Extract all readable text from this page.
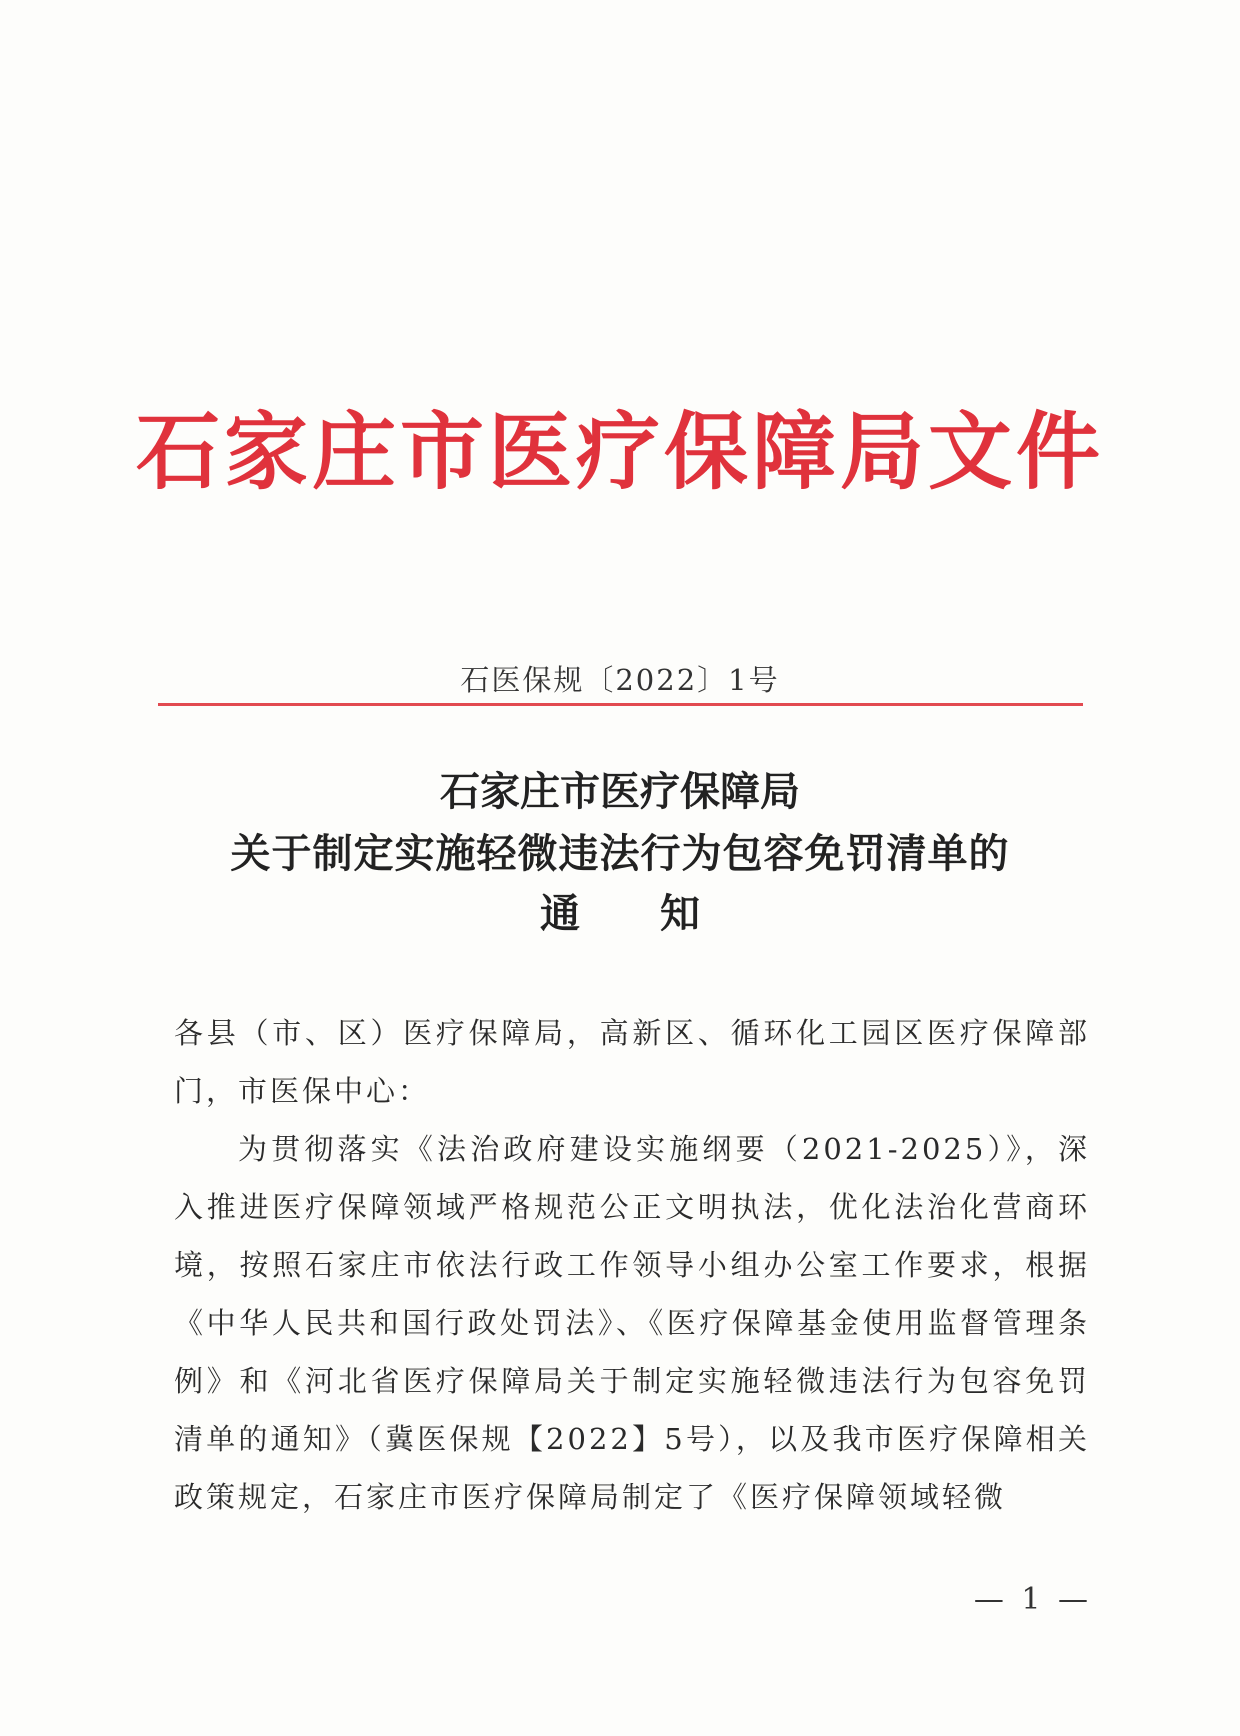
石家庄市医疗保障局文件
石医保规〔2022〕1号
石家庄市医疗保障局
关于制定实施轻微违法行为包容免罚清单的
通知

各县（市、区）医疗保障局，高新区、循环化工园区医疗保障部门，市医保中心：

为贯彻落实《法治政府建设实施纲要（2021-2025）》，深入推进医疗保障领域严格规范公正文明执法，优化法治化营商环境，按照石家庄市依法行政工作领导小组办公室工作要求，根据《中华人民共和国行政处罚法》、《医疗保障基金使用监督管理条例》和《河北省医疗保障局关于制定实施轻微违法行为包容免罚清单的通知》（冀医保规【2022】5号），以及我市医疗保障相关政策规定，石家庄市医疗保障局制定了《医疗保障领域轻微

— 1 —
